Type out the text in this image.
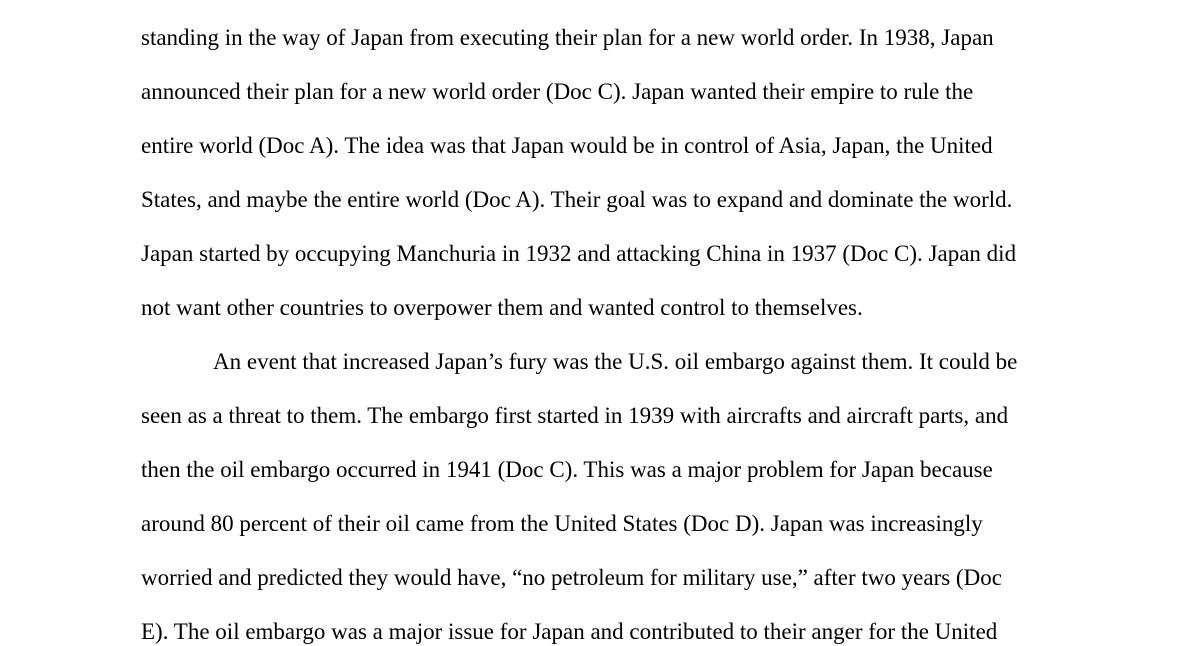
standing in the way of Japan from executing their plan for a new world order. In 1938, Japan
announced their plan for a new world order (Doc C). Japan wanted their empire to rule the
entire world (Doc A). The idea was that Japan would be in control of Asia, Japan, the United
States, and maybe the entire world (Doc A). Their goal was to expand and dominate the world.
Japan started by occupying Manchuria in 1932 and attacking China in 1937 (Doc C). Japan did
not want other countries to overpower them and wanted control to themselves.
An event that increased Japan’s fury was the U.S. oil embargo against them. It could be
seen as a threat to them. The embargo first started in 1939 with aircrafts and aircraft parts, and
then the oil embargo occurred in 1941 (Doc C). This was a major problem for Japan because
around 80 percent of their oil came from the United States (Doc D). Japan was increasingly
worried and predicted they would have, “no petroleum for military use,” after two years (Doc
E). The oil embargo was a major issue for Japan and contributed to their anger for the United
